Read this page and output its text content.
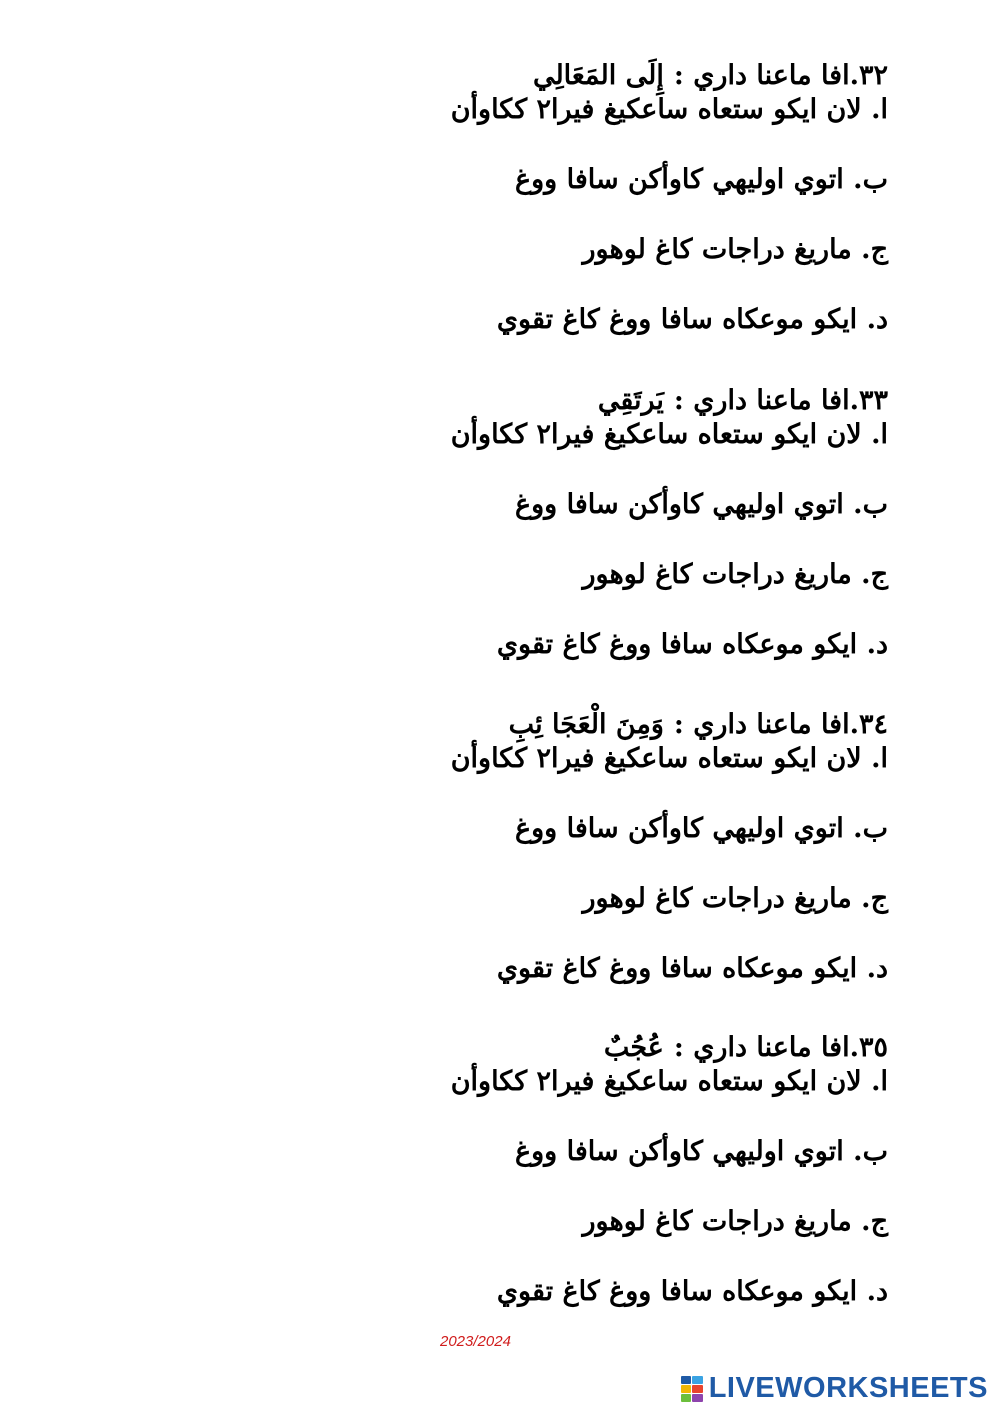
٣٢.افا ماعنا داري :إِلَى المَعَالِي
ا. لان ايكو ستعاه ساعكيغ فيرا٢ ككاوأن
ب. اتوي اوليهي كاوأكن سافا ووغ
ج. ماريغ دراجات كاغ لوهور
د. ايكو موعكاه سافا ووغ كاغ تقوي
٣٣.افا ماعنا داري :يَرتَقِي
ا. لان ايكو ستعاه ساعكيغ فيرا٢ ككاوأن
ب. اتوي اوليهي كاوأكن سافا ووغ
ج. ماريغ دراجات كاغ لوهور
د. ايكو موعكاه سافا ووغ كاغ تقوي
٣٤.افا ماعنا داري :وَمِنَ الْعَجَا ئِبِ
ا. لان ايكو ستعاه ساعكيغ فيرا٢ ككاوأن
ب. اتوي اوليهي كاوأكن سافا ووغ
ج. ماريغ دراجات كاغ لوهور
د. ايكو موعكاه سافا ووغ كاغ تقوي
٣٥.افا ماعنا داري :عُجُبٌ
ا. لان ايكو ستعاه ساعكيغ فيرا٢ ككاوأن
ب. اتوي اوليهي كاوأكن سافا ووغ
ج. ماريغ دراجات كاغ لوهور
د. ايكو موعكاه سافا ووغ كاغ تقوي
2023/2024
LIVEWORKSHEETS
